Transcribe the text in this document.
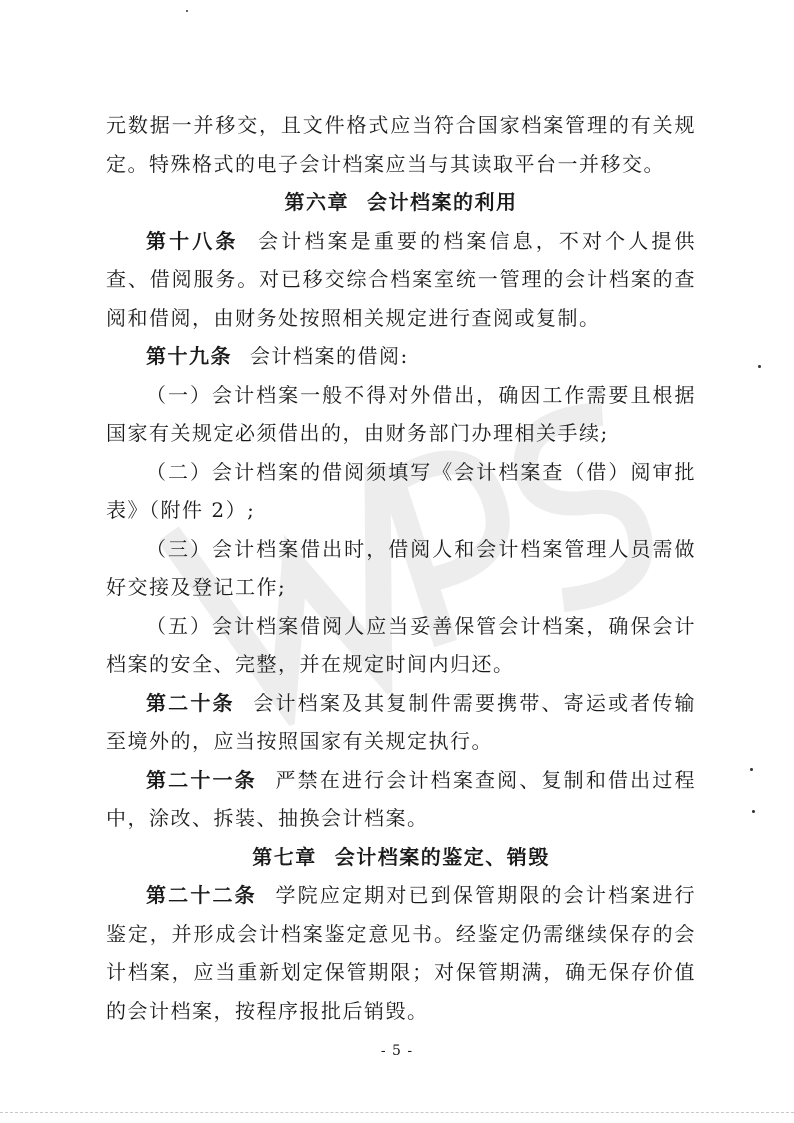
元数据一并移交，且文件格式应当符合国家档案管理的有关规定。特殊格式的电子会计档案应当与其读取平台一并移交。

第六章 会计档案的利用

第十八条 会计档案是重要的档案信息，不对个人提供查、借阅服务。对已移交综合档案室统一管理的会计档案的查阅和借阅，由财务处按照相关规定进行查阅或复制。

第十九条 会计档案的借阅:

（一）会计档案一般不得对外借出，确因工作需要且根据国家有关规定必须借出的，由财务部门办理相关手续;

（二）会计档案的借阅须填写《会计档案查（借）阅审批表》（附件 2）;

（三）会计档案借出时，借阅人和会计档案管理人员需做好交接及登记工作;

（五）会计档案借阅人应当妥善保管会计档案，确保会计档案的安全、完整，并在规定时间内归还。

第二十条 会计档案及其复制件需要携带、寄运或者传输至境外的，应当按照国家有关规定执行。

第二十一条 严禁在进行会计档案查阅、复制和借出过程中，涂改、拆装、抽换会计档案。

第七章 会计档案的鉴定、销毁

第二十二条 学院应定期对已到保管期限的会计档案进行鉴定，并形成会计档案鉴定意见书。经鉴定仍需继续保存的会计档案，应当重新划定保管期限；对保管期满，确无保存价值的会计档案，按程序报批后销毁。

- 5 -
